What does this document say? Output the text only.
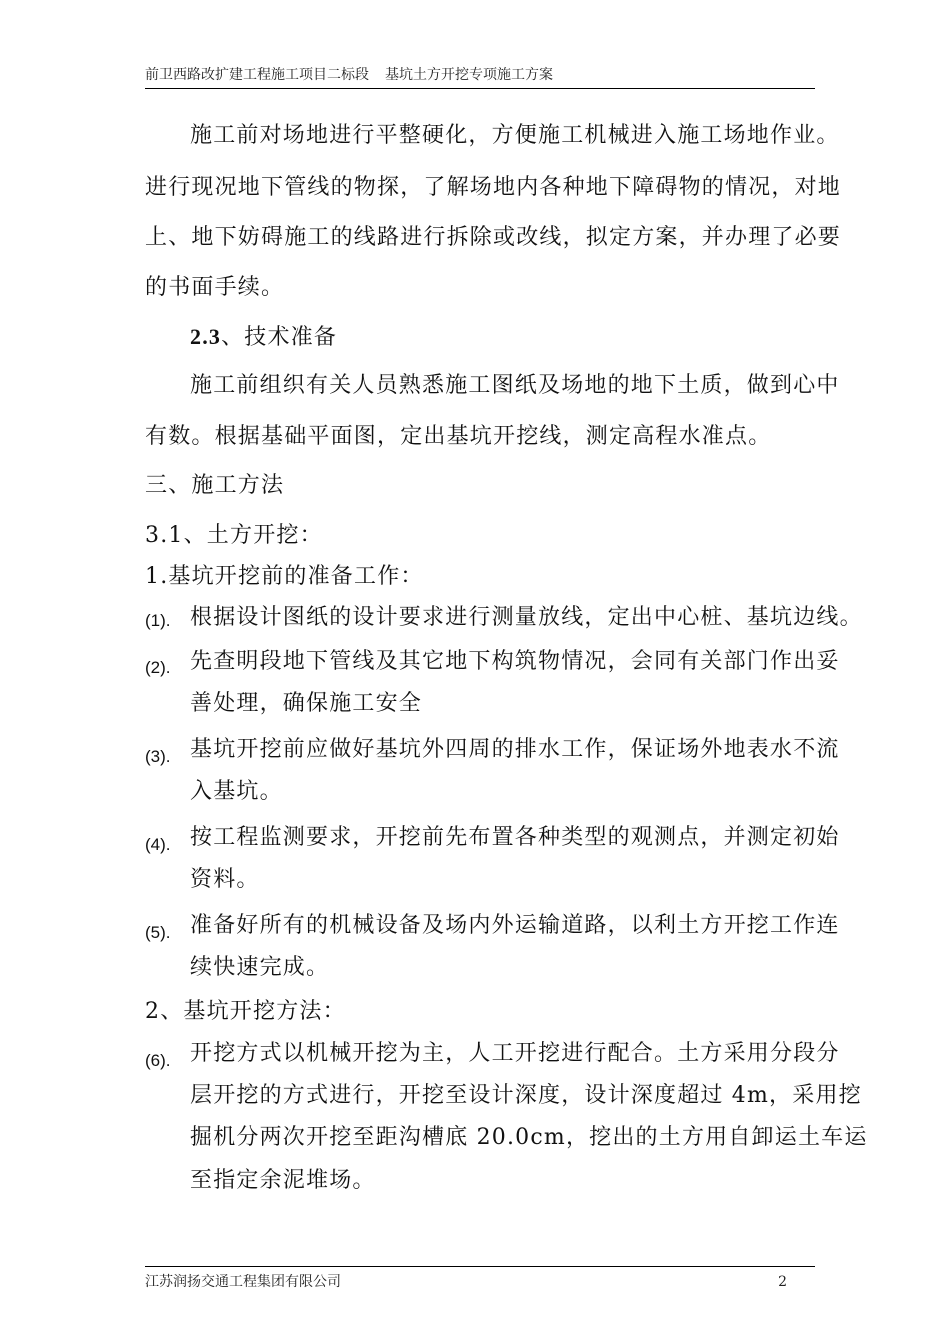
前卫西路改扩建工程施工项目二标段 基坑土方开挖专项施工方案
施工前对场地进行平整硬化，方便施工机械进入施工场地作业。
进行现况地下管线的物探，了解场地内各种地下障碍物的情况，对地
上、地下妨碍施工的线路进行拆除或改线，拟定方案，并办理了必要
的书面手续。
2.3、技术准备
施工前组织有关人员熟悉施工图纸及场地的地下土质，做到心中
有数。根据基础平面图，定出基坑开挖线，测定高程水准点。
三、施工方法
3.1、土方开挖：
1.基坑开挖前的准备工作：
(1). 根据设计图纸的设计要求进行测量放线，定出中心桩、基坑边线。
(2). 先查明段地下管线及其它地下构筑物情况，会同有关部门作出妥
善处理，确保施工安全
(3). 基坑开挖前应做好基坑外四周的排水工作，保证场外地表水不流
入基坑。
(4). 按工程监测要求，开挖前先布置各种类型的观测点，并测定初始
资料。
(5). 准备好所有的机械设备及场内外运输道路，以利土方开挖工作连
续快速完成。
2、基坑开挖方法：
(6). 开挖方式以机械开挖为主，人工开挖进行配合。土方采用分段分
层开挖的方式进行，开挖至设计深度，设计深度超过 4m，采用挖
掘机分两次开挖至距沟槽底 20.0cm，挖出的土方用自卸运土车运
至指定余泥堆场。
江苏润扬交通工程集团有限公司	2
